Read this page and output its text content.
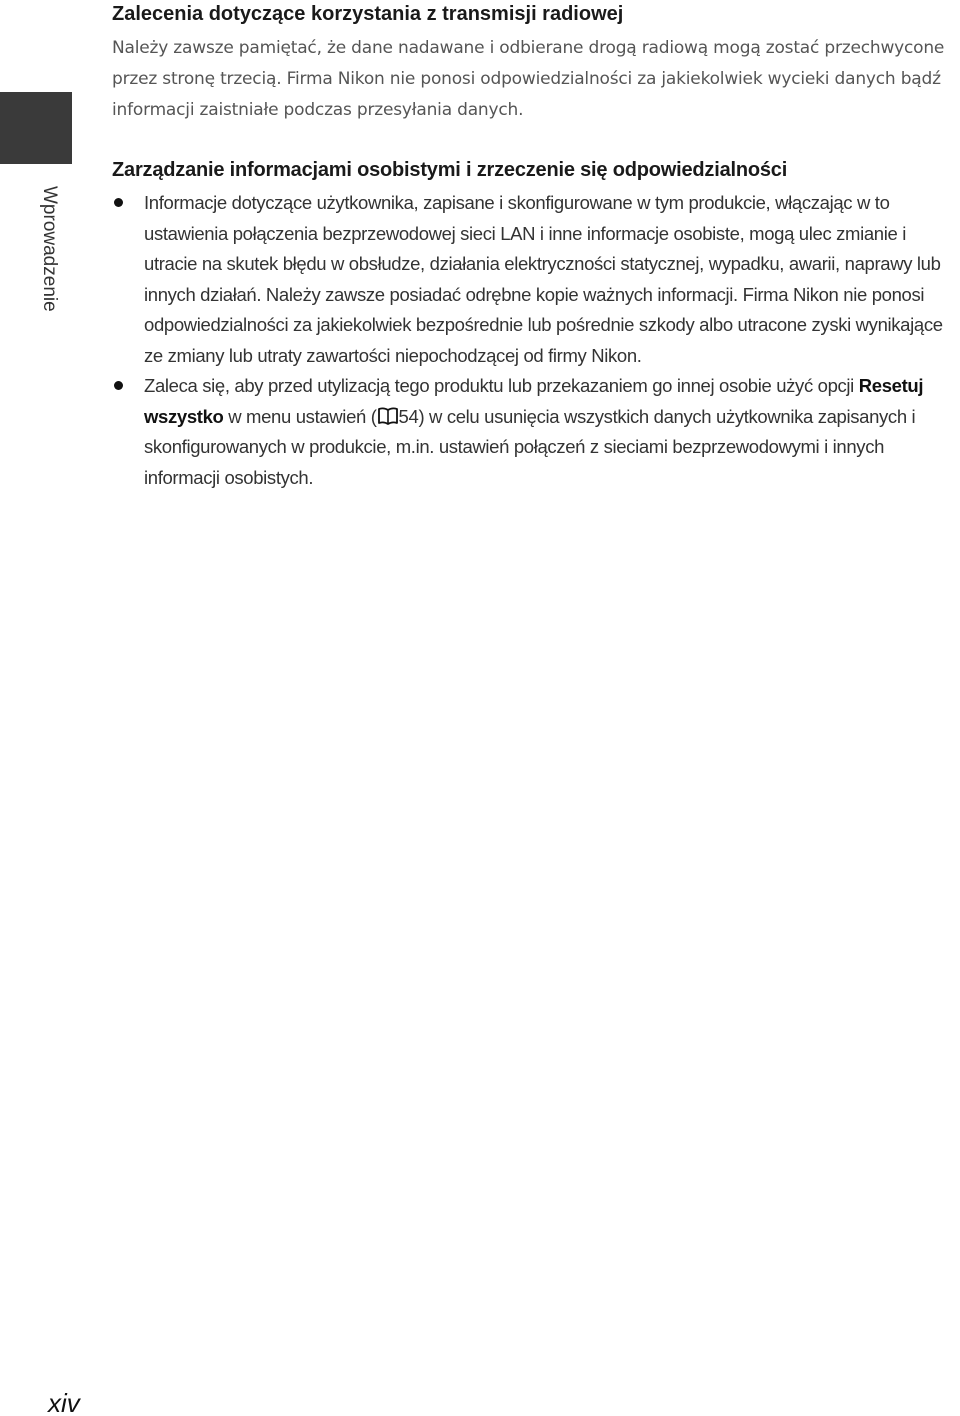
Wprowadzenie
Zalecenia dotyczące korzystania z transmisji radiowej

Należy zawsze pamiętać, że dane nadawane i odbierane drogą radiową mogą zostać przechwycone przez stronę trzecią. Firma Nikon nie ponosi odpowiedzialności za jakiekolwiek wycieki danych bądź informacji zaistniałe podczas przesyłania danych.

Zarządzanie informacjami osobistymi i zrzeczenie się odpowiedzialności
Informacje dotyczące użytkownika, zapisane i skonfigurowane w tym produkcie, włączając w to ustawienia połączenia bezprzewodowej sieci LAN i inne informacje osobiste, mogą ulec zmianie i utracie na skutek błędu w obsłudze, działania elektryczności statycznej, wypadku, awarii, naprawy lub innych działań. Należy zawsze posiadać odrębne kopie ważnych informacji. Firma Nikon nie ponosi odpowiedzialności za jakiekolwiek bezpośrednie lub pośrednie szkody albo utracone zyski wynikające ze zmiany lub utraty zawartości niepochodzącej od firmy Nikon.
Zaleca się, aby przed utylizacją tego produktu lub przekazaniem go innej osobie użyć opcji Resetuj wszystko w menu ustawień ( 54) w celu usunięcia wszystkich danych użytkownika zapisanych i skonfigurowanych w produkcie, m.in. ustawień połączeń z sieciami bezprzewodowymi i innych informacji osobistych.
xiv
